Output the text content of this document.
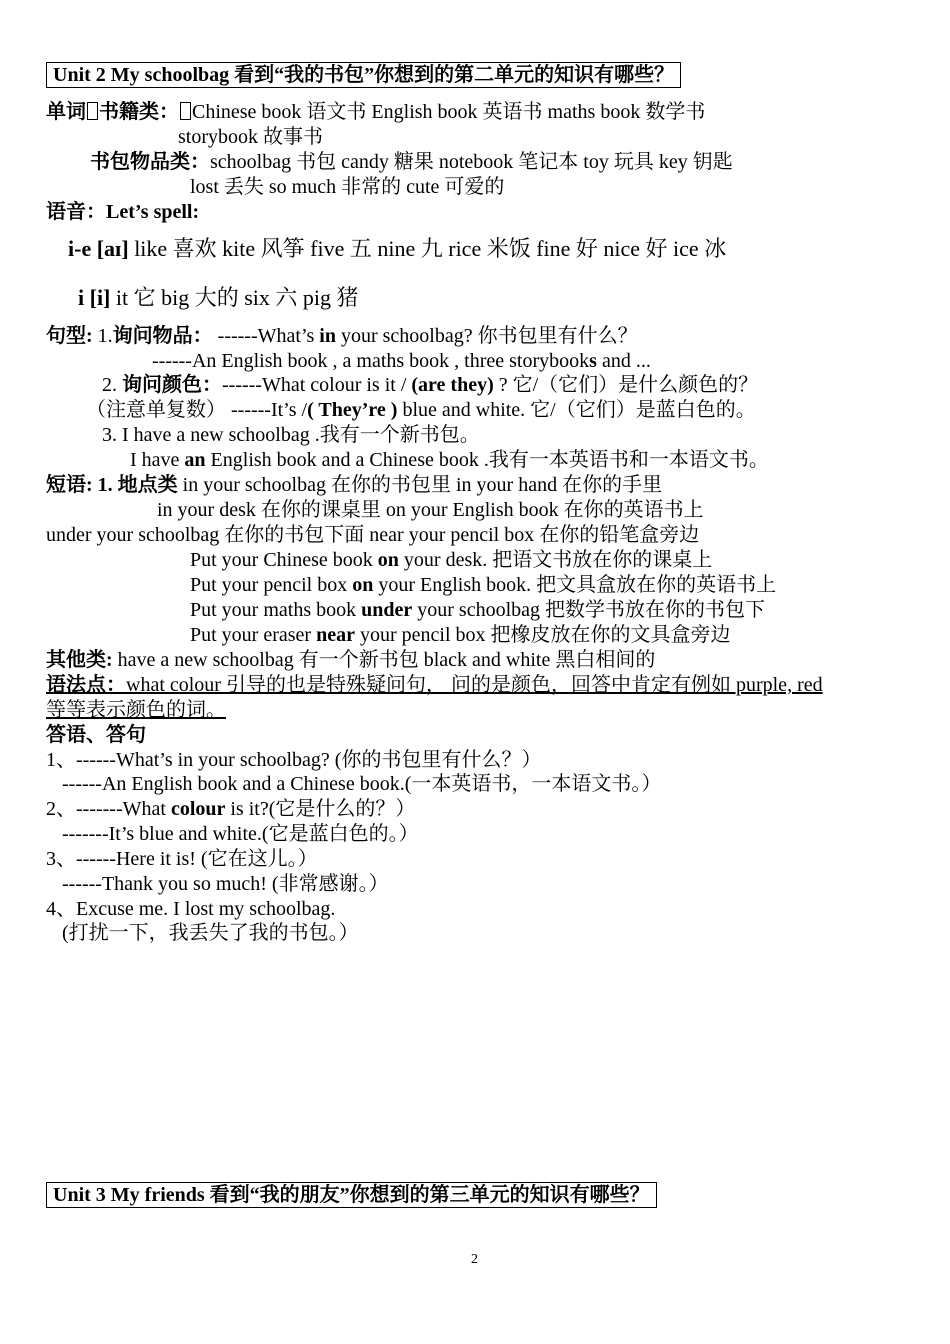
Unit 2 My schoolbag 看到“我的书包”你想到的第二单元的知识有哪些？
单词 书籍类： Chinese book 语文书 English book 英语书 maths book 数学书
storybook 故事书
书包物品类：schoolbag 书包 candy 糖果 notebook 笔记本 toy 玩具 key 钥匙
lost 丢失 so much 非常的 cute 可爱的
语音：Let’s spell:
i-e [aɪ] like 喜欢 kite 风筝 five 五 nine 九 rice 米饭 fine 好 nice 好 ice 冰
i [i] it 它 big 大的 six 六 pig 猪
句型: 1.询问物品： ------What’s in your schoolbag? 你书包里有什么？
------An English book , a maths book , three storybooks and ...
2. 询问颜色：------What colour is it / (are they) ? 它/（它们）是什么颜色的？
（注意单复数） ------It’s /( They’re ) blue and white. 它/（它们）是蓝白色的。
3. I have a new schoolbag .我有一个新书包。
I have an English book and a Chinese book .我有一本英语书和一本语文书。
短语: 1. 地点类 in your schoolbag 在你的书包里 in your hand 在你的手里
in your desk 在你的课桌里 on your English book 在你的英语书上
under your schoolbag 在你的书包下面 near your pencil box 在你的铅笔盒旁边
Put your Chinese book on your desk. 把语文书放在你的课桌上
Put your pencil box on your English book. 把文具盒放在你的英语书上
Put your maths book under your schoolbag 把数学书放在你的书包下
Put your eraser near your pencil box 把橡皮放在你的文具盒旁边
其他类: have a new schoolbag 有一个新书包 black and white 黑白相间的
语法点：what colour 引导的也是特殊疑问句， 问的是颜色，回答中肯定有例如 purple, red
等等表示颜色的词。
答语、答句
1、------What’s in your schoolbag? (你的书包里有什么？）
------An English book and a Chinese book.(一本英语书，一本语文书。）
2、-------What colour is it?(它是什么的？）
-------It’s blue and white.(它是蓝白色的。）
3、------Here it is! (它在这儿。）
------Thank you so much! (非常感谢。）
4、Excuse me. I lost my schoolbag.
(打扰一下，我丢失了我的书包。）
Unit 3 My friends 看到“我的朋友”你想到的第三单元的知识有哪些？
2
